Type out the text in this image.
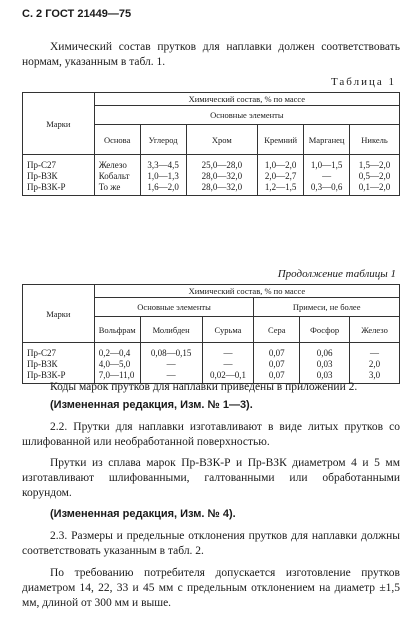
С. 2 ГОСТ 21449—75
Химический состав прутков для наплавки должен соответствовать нормам, указанным в табл. 1.
Таблица 1
Марки	Химический состав, % по массе					
	Основные элементы					
	Основа	Углерод	Хром	Кремний	Марганец	Никель
Пр-С27	Железо	3,3—4,5	25,0—28,0	1,0—2,0	1,0—1,5	1,5—2,0
Пр-ВЗК	Кобальт	1,0—1,3	28,0—32,0	2,0—2,7	—	0,5—2,0
Пр-ВЗК-Р	То же	1,6—2,0	28,0—32,0	1,2—1,5	0,3—0,6	0,1—2,0
Продолжение таблицы 1
Марки	Химический состав, % по массе					
	Основные элементы			Примеси, не более		
	Вольфрам	Молибден	Сурьма	Сера	Фосфор	Железо
Пр-С27	0,2—0,4	0,08—0,15	—	0,07	0,06	—
Пр-ВЗК	4,0—5,0	—	—	0,07	0,03	2,0
Пр-ВЗК-Р	7,0—11,0	—	0,02—0,1	0,07	0,03	3,0
Коды марок прутков для наплавки приведены в приложении 2.
(Измененная редакция, Изм. № 1—3).
2.2. Прутки для наплавки изготавливают в виде литых прутков со шлифованной или необработанной поверхностью.
Прутки из сплава марок Пр-ВЗК-Р и Пр-ВЗК диаметром 4 и 5 мм изготавливают шлифованными, галтованными или обработанными корундом.
(Измененная редакция, Изм. № 4).
2.3. Размеры и предельные отклонения прутков для наплавки должны соответствовать указанным в табл. 2.
По требованию потребителя допускается изготовление прутков диаметром 14, 22, 33 и 45 мм с предельным отклонением на диаметр ±1,5 мм, длиной от 300 мм и выше.
